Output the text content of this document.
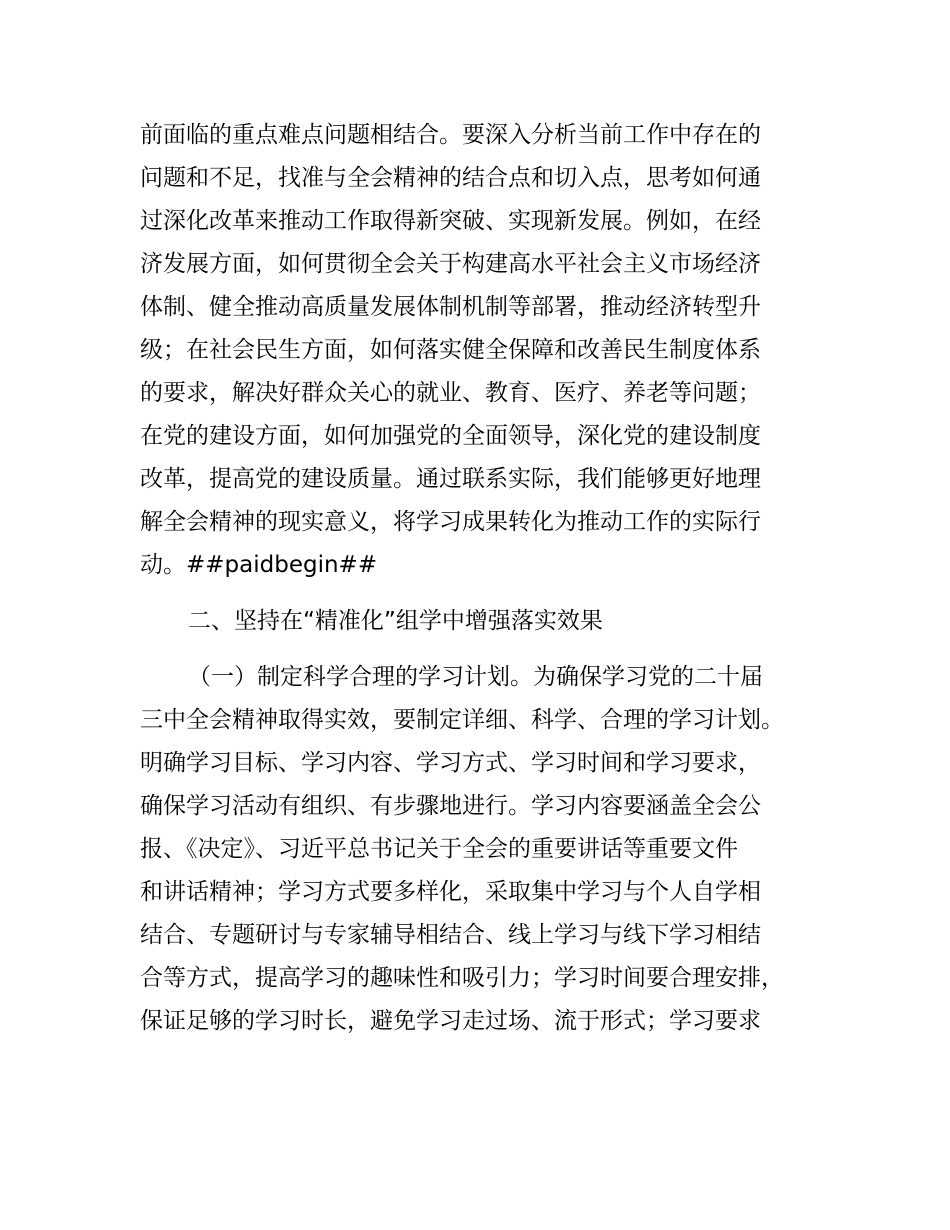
前面临的重点难点问题相结合。要深入分析当前工作中存在的
问题和不足，找准与全会精神的结合点和切入点，思考如何通
过深化改革来推动工作取得新突破、实现新发展。例如，在经
济发展方面，如何贯彻全会关于构建高水平社会主义市场经济
体制、健全推动高质量发展体制机制等部署，推动经济转型升
级；在社会民生方面，如何落实健全保障和改善民生制度体系
的要求，解决好群众关心的就业、教育、医疗、养老等问题；
在党的建设方面，如何加强党的全面领导，深化党的建设制度
改革，提高党的建设质量。通过联系实际，我们能够更好地理
解全会精神的现实意义，将学习成果转化为推动工作的实际行
动。##paidbegin##
二、坚持在“精准化”组学中增强落实效果
（一）制定科学合理的学习计划。为确保学习党的二十届
三中全会精神取得实效，要制定详细、科学、合理的学习计划。
明确学习目标、学习内容、学习方式、学习时间和学习要求，
确保学习活动有组织、有步骤地进行。学习内容要涵盖全会公
报、《决定》、习近平总书记关于全会的重要讲话等重要文件
和讲话精神；学习方式要多样化，采取集中学习与个人自学相
结合、专题研讨与专家辅导相结合、线上学习与线下学习相结
合等方式，提高学习的趣味性和吸引力；学习时间要合理安排，
保证足够的学习时长，避免学习走过场、流于形式；学习要求
